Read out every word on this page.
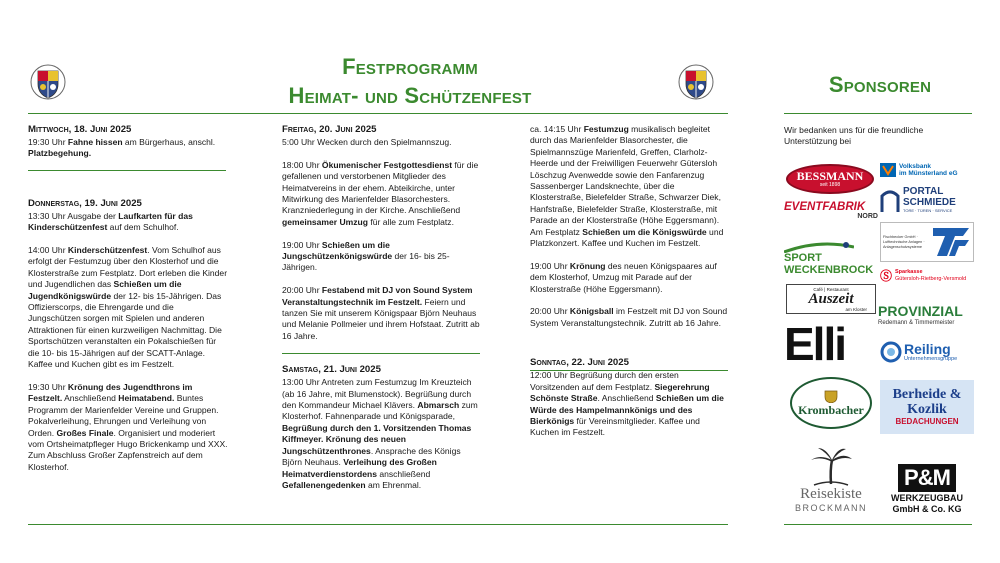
Festprogramm
Heimat- und Schützenfest	Sponsoren
Mittwoch, 18. Juni 2025

19:30 Uhr Fahne hissen am Bürgerhaus, anschl. Platzbegehung.

Donnerstag, 19. Juni 2025

13:30 Uhr Ausgabe der Laufkarten für das Kinderschützenfest auf dem Schulhof.

14:00 Uhr Kinderschützenfest. Vom Schulhof aus erfolgt der Festumzug über den Klosterhof und die Klosterstraße zum Festplatz. Dort erleben die Kinder und Jugendlichen das Schießen um die Jugendkönigswürde der 12- bis 15-Jährigen. Das Offizierscorps, die Ehrengarde und die Jungschützen sorgen mit Spielen und anderen Attraktionen für einen kurzweiligen Nachmittag. Die Sportschützen veranstalten ein Pokalschießen für die 10- bis 15-Jährigen auf der SCATT-Anlage. Kaffee und Kuchen gibt es im Festzelt.

19:30 Uhr Krönung des Jugendthrons im Festzelt. Anschließend Heimatabend. Buntes Programm der Marienfelder Vereine und Gruppen. Pokalverleihung, Ehrungen und Verleihung von Orden. Großes Finale. Organisiert und moderiert vom Ortsheimatpfleger Hugo Brickenkamp und XXX. Zum Abschluss Großer Zapfenstreich auf dem Klosterhof.

Freitag, 20. Juni 2025

5:00 Uhr Wecken durch den Spielmannszug.

18:00 Uhr Ökumenischer Festgottesdienst für die gefallenen und verstorbenen Mitglieder des Heimatvereins in der ehem. Abteikirche, unter Mitwirkung des Marienfelder Blasorchesters. Kranzniederlegung in der Kirche. Anschließend gemeinsamer Umzug für alle zum Festplatz.

19:00 Uhr Schießen um die Jungschützenkönigswürde der 16- bis 25-Jährigen.

20:00 Uhr Festabend mit DJ von Sound System Veranstaltungstechnik im Festzelt. Feiern und tanzen Sie mit unserem Königspaar Björn Neuhaus und Melanie Pollmeier und ihrem Hofstaat. Zutritt ab 16 Jahre.

Samstag, 21. Juni 2025

13:00 Uhr Antreten zum Festumzug Im Kreuzteich (ab 16 Jahre, mit Blumenstock). Begrüßung durch den Kommandeur Michael Klävers. Abmarsch zum Klosterhof. Fahnenparade und Königsparade, Begrüßung durch den 1. Vorsitzenden Thomas Kiffmeyer. Krönung des neuen Jungschützenthrones. Ansprache des Königs Björn Neuhaus. Verleihung des Großen Heimatverdienstordens anschließend Gefallenengedenken am Ehrenmal.

ca. 14:15 Uhr Festumzug musikalisch begleitet durch das Marienfelder Blasorchester, die Spielmannszüge Marienfeld, Greffen, Clarholz-Heerde und der Freiwilligen Feuerwehr Gütersloh Löschzug Avenwedde sowie den Fanfarenzug Sassenberger Landsknechte, über die Klosterstraße, Bielefelder Straße, Schwarzer Diek, Hanfstraße, Bielefelder Straße, Klosterstraße, mit Parade an der Klosterstraße (Höhe Eggersmann). Am Festplatz Schießen um die Königswürde und Platzkonzert. Kaffee und Kuchen im Festzelt.

19:00 Uhr Krönung des neuen Königspaares auf dem Klosterhof, Umzug mit Parade auf der Klosterstraße (Höhe Eggersmann).

20:00 Uhr Königsball im Festzelt mit DJ von Sound System Veranstaltungstechnik. Zutritt ab 16 Jahre.

Sonntag, 22. Juni 2025

12:00 Uhr Begrüßung durch den ersten Vorsitzenden auf dem Festplatz. Siegerehrung Schönste Straße. Anschließend Schießen um die Würde des Hampelmannkönigs und des Bierkönigs für Vereinsmitglieder. Kaffee und Kuchen im Festzelt.

Wir bedanken uns für die freundliche Unterstützung bei
BESSMANN
seit 1898
Volksbank
im Münsterland eG
PORTAL
SCHMIEDE
TORE · TÜREN · SERVICE
EVENTFABRIK
NORD
SPORT
WECKENBROCK
Fischbecker GmbH · Lufttechnische Anlagen · Anlagenschutzsysteme
Ⓢ Sparkasse
Gütersloh-Rietberg-Versmold
Café | Restaurant
Auszeit
am Kloster PROVINZIAL
Redemann & Timmermeister
Elli	Reiling
Unternehmensgruppe
Krombacher
Berheide &
Kozlik
BEDACHUNGEN
Reisekiste
BROCKMANN
P&M
WERKZEUGBAU
GmbH & Co. KG
